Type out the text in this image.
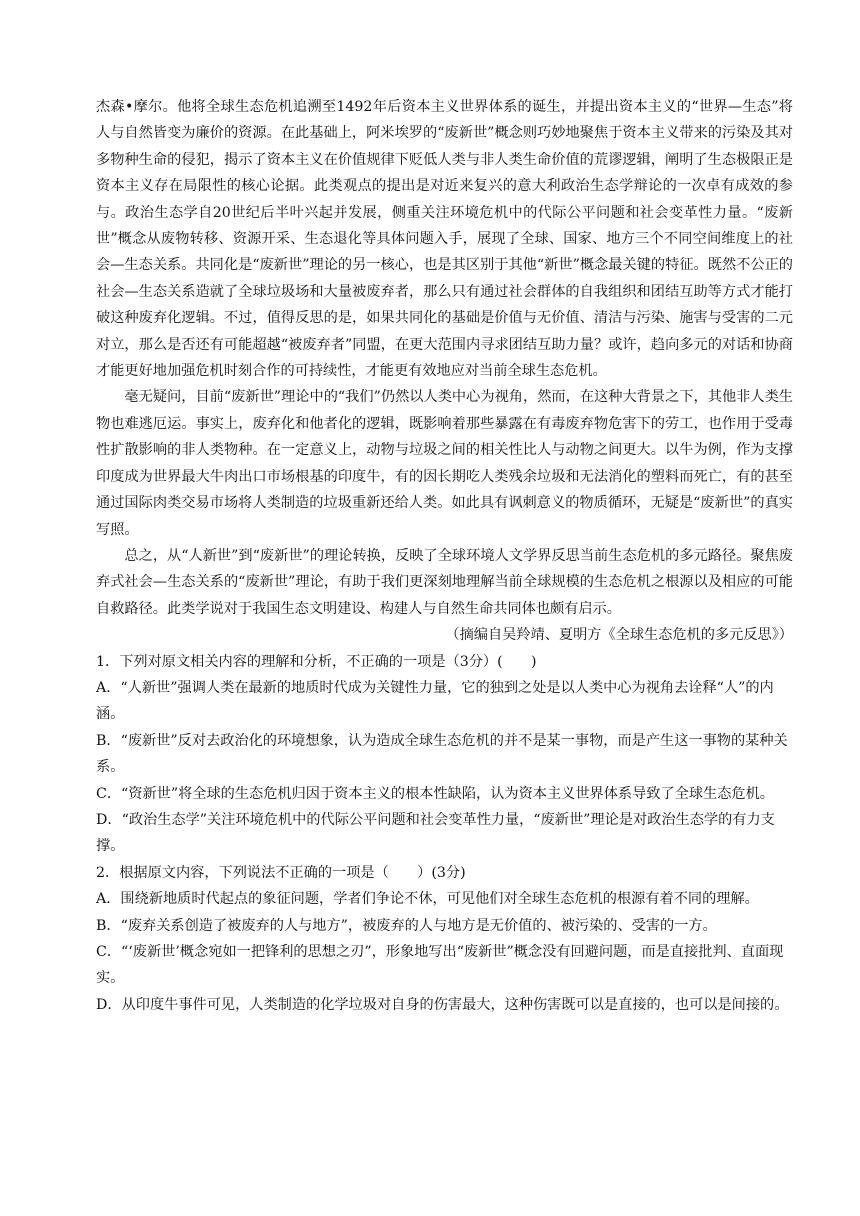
杰森•摩尔。他将全球生态危机追溯至1492年后资本主义世界体系的诞生，并提出资本主义的“世界—生态”将人与自然皆变为廉价的资源。在此基础上，阿米埃罗的“废新世”概念则巧妙地聚焦于资本主义带来的污染及其对多物种生命的侵犯，揭示了资本主义在价值规律下贬低人类与非人类生命价值的荒谬逻辑，阐明了生态极限正是资本主义存在局限性的核心论据。此类观点的提出是对近来复兴的意大利政治生态学辩论的一次卓有成效的参与。政治生态学自20世纪后半叶兴起并发展，侧重关注环境危机中的代际公平问题和社会变革性力量。“废新世”概念从废物转移、资源开采、生态退化等具体问题入手，展现了全球、国家、地方三个不同空间维度上的社会—生态关系。共同化是“废新世”理论的另一核心，也是其区别于其他“新世”概念最关键的特征。既然不公正的社会—生态关系造就了全球垃圾场和大量被废弃者，那么只有通过社会群体的自我组织和团结互助等方式才能打破这种废弃化逻辑。不过，值得反思的是，如果共同化的基础是价值与无价值、清洁与污染、施害与受害的二元对立，那么是否还有可能超越“被废弃者”同盟，在更大范围内寻求团结互助力量？或许，趋向多元的对话和协商才能更好地加强危机时刻合作的可持续性，才能更有效地应对当前全球生态危机。

毫无疑问，目前“废新世”理论中的“我们”仍然以人类中心为视角，然而，在这种大背景之下，其他非人类生物也难逃厄运。事实上，废弃化和他者化的逻辑，既影响着那些暴露在有毒废弃物危害下的劳工，也作用于受毒性扩散影响的非人类物种。在一定意义上，动物与垃圾之间的相关性比人与动物之间更大。以牛为例，作为支撑印度成为世界最大牛肉出口市场根基的印度牛，有的因长期吃人类残余垃圾和无法消化的塑料而死亡，有的甚至通过国际肉类交易市场将人类制造的垃圾重新还给人类。如此具有讽刺意义的物质循环，无疑是“废新世”的真实写照。

总之，从“人新世”到“废新世”的理论转换，反映了全球环境人文学界反思当前生态危机的多元路径。聚焦废弃式社会—生态关系的“废新世”理论，有助于我们更深刻地理解当前全球规模的生态危机之根源以及相应的可能自救路径。此类学说对于我国生态文明建设、构建人与自然生命共同体也颇有启示。

（摘编自吴羚靖、夏明方《全球生态危机的多元反思》）

1．下列对原文相关内容的理解和分析，不正确的一项是（3分）(　　)

A．“人新世”强调人类在最新的地质时代成为关键性力量，它的独到之处是以人类中心为视角去诠释“人”的内涵。

B．“废新世”反对去政治化的环境想象，认为造成全球生态危机的并不是某一事物，而是产生这一事物的某种关系。

C．“资新世”将全球的生态危机归因于资本主义的根本性缺陷，认为资本主义世界体系导致了全球生态危机。

D．“政治生态学”关注环境危机中的代际公平问题和社会变革性力量，“废新世”理论是对政治生态学的有力支撑。

2．根据原文内容，下列说法不正确的一项是（　　）(3分)

A．围绕新地质时代起点的象征问题，学者们争论不休，可见他们对全球生态危机的根源有着不同的理解。

B．“废弃关系创造了被废弃的人与地方”，被废弃的人与地方是无价值的、被污染的、受害的一方。

C．“‘废新世’概念宛如一把锋利的思想之刃”，形象地写出“废新世”概念没有回避问题，而是直接批判、直面现实。

D．从印度牛事件可见，人类制造的化学垃圾对自身的伤害最大，这种伤害既可以是直接的，也可以是间接的。
